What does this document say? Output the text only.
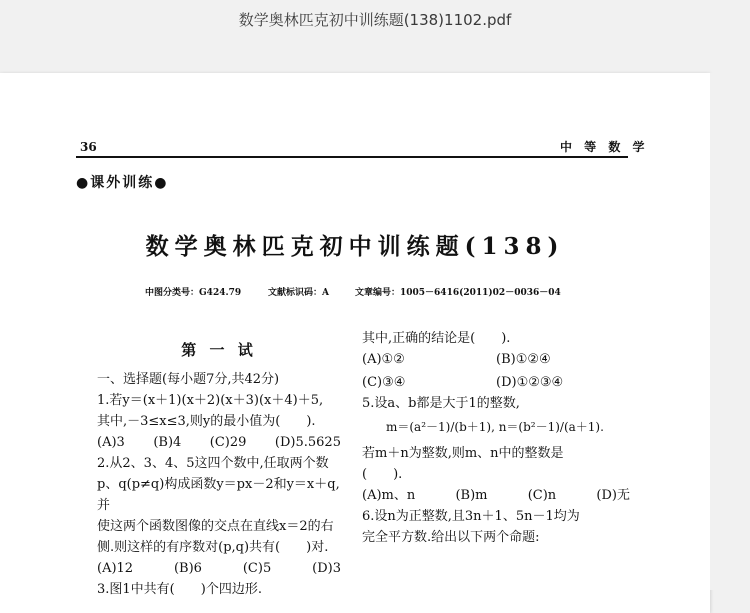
数学奥林匹克初中训练题(138)1102.pdf
36	中 等 数 学
●课外训练●
数学奥林匹克初中训练题(138)
中图分类号：G424.79	文献标识码：A	文章编号：1005－6416(2011)02－0036－04

第 一 试

一、选择题(每小题7分,共42分)

1.若y＝(x＋1)(x＋2)(x＋3)(x＋4)＋5,

其中,－3≤x≤3,则y的最小值为(　　).

(A)3 (B)4 (C)29 (D)5.5625

2.从2、3、4、5这四个数中,任取两个数

p、q(p≠q)构成函数y＝px－2和y＝x＋q,并

使这两个函数图像的交点在直线x＝2的右

侧.则这样的有序数对(p,q)共有(　　)对.

(A)12	(B)6	(C)5	(D)3

3.图1中共有(　　)个四边形.

其中,正确的结论是(　　).

(A)①②	(B)①②④
(C)③④	(D)①②③④

5.设a、b都是大于1的整数,

m＝(a²－1)/(b＋1), n＝(b²－1)/(a＋1).

若m＋n为整数,则m、n中的整数是

(　　).

(A)m、n	(B)m	(C)n	(D)无

6.设n为正整数,且3n＋1、5n－1均为

完全平方数.给出以下两个命题:
